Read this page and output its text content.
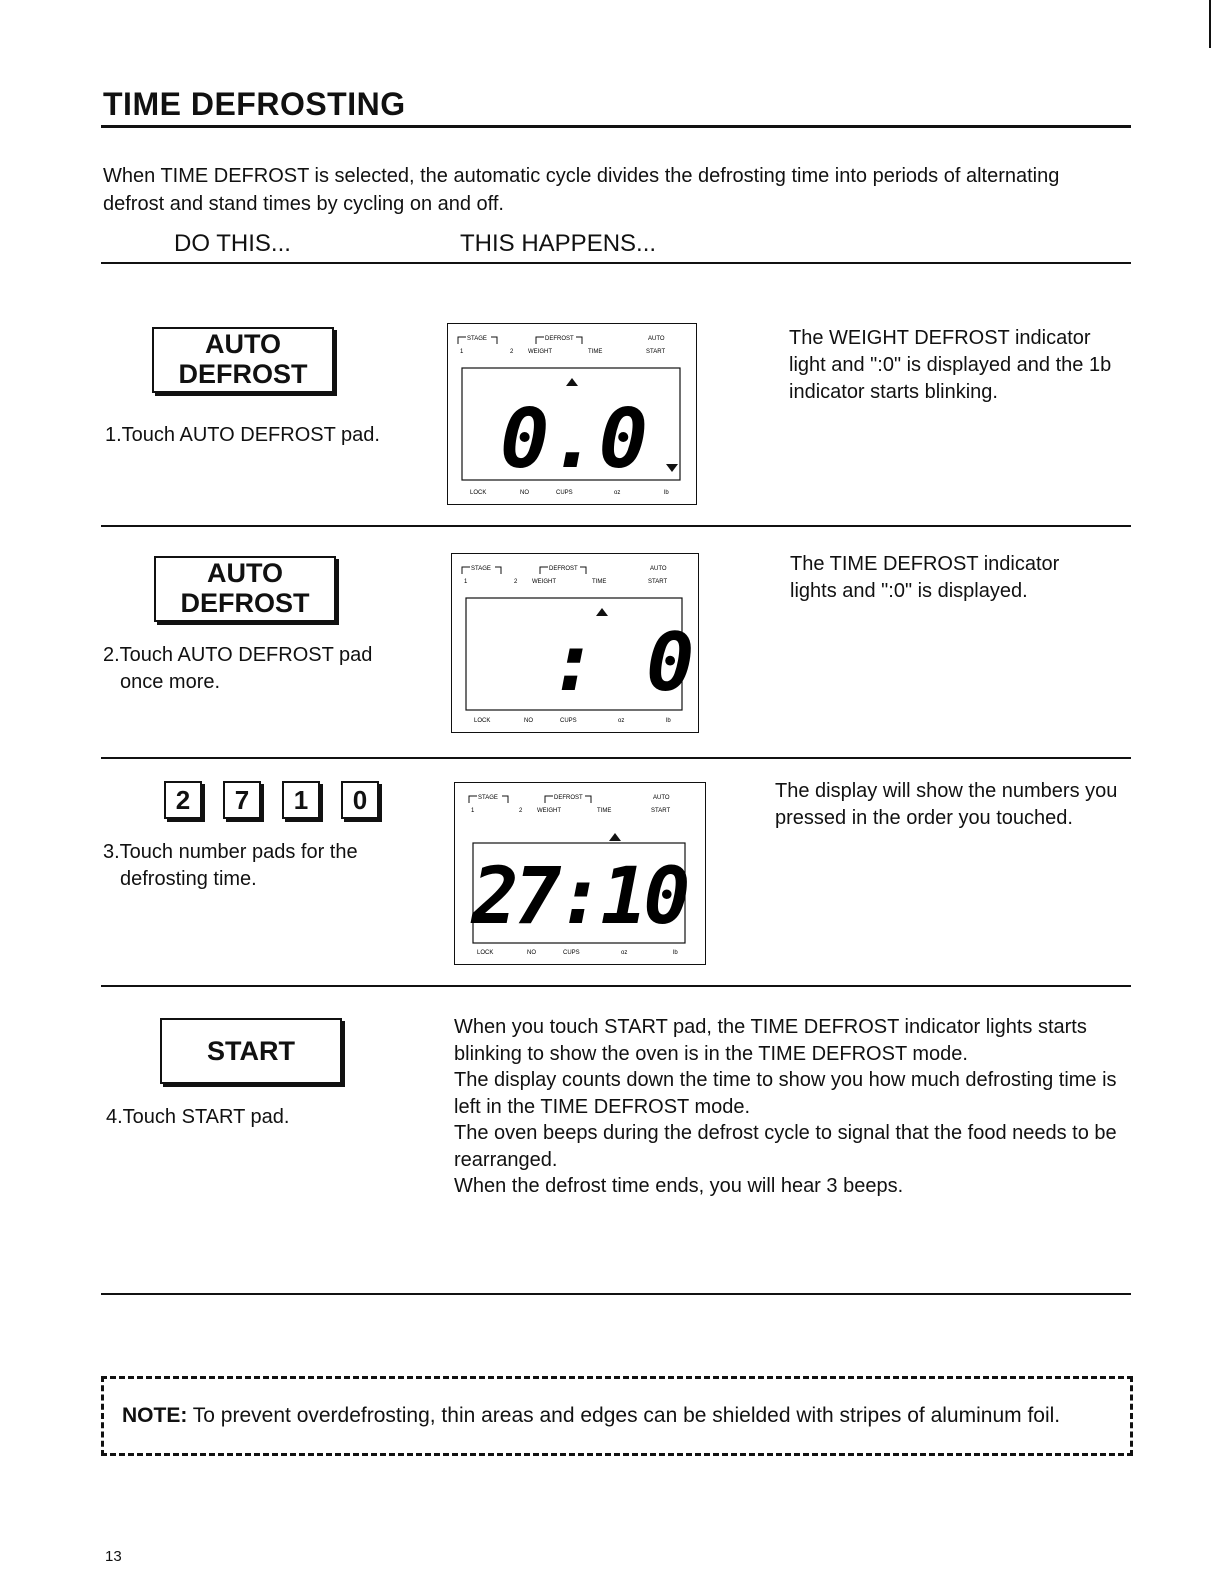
TIME DEFROSTING
When TIME DEFROST is selected, the automatic cycle divides the defrosting time into periods of alternating defrost and stand times by cycling on and off.
DO THIS...	THIS HAPPENS...
AUTO
DEFROST
1.Touch AUTO DEFROST pad.
STAGE	DEFROST	AUTO
1	2 WEIGHT	TIME	START
0.0
LOCK	NO	CUPS	oz	lb
The WEIGHT DEFROST indicator light and ":0" is displayed and the 1b indicator starts blinking.
AUTO
DEFROST
2.Touch AUTO DEFROST pad
once more.
STAGE	DEFROST	AUTO
1	2 WEIGHT	TIME	START
: 0
LOCK	NO	CUPS	oz	lb
The TIME DEFROST indicator lights and ":0" is displayed.
2	7	1	0
3.Touch number pads for the
defrosting time.
STAGE	DEFROST	AUTO
1	2 WEIGHT	TIME	START
27:10
LOCK	NO	CUPS	oz	lb
The display will show the numbers you pressed in the order you touched.
START
4.Touch START pad.
When you touch START pad, the TIME DEFROST indicator lights starts blinking to show the oven is in the TIME DEFROST mode.
The display counts down the time to show you how much defrosting time is left in the TIME DEFROST mode.
The oven beeps during the defrost cycle to signal that the food needs to be rearranged.
When the defrost time ends, you will hear 3 beeps.
NOTE: To prevent overdefrosting, thin areas and edges can be shielded with stripes of aluminum foil.
13
